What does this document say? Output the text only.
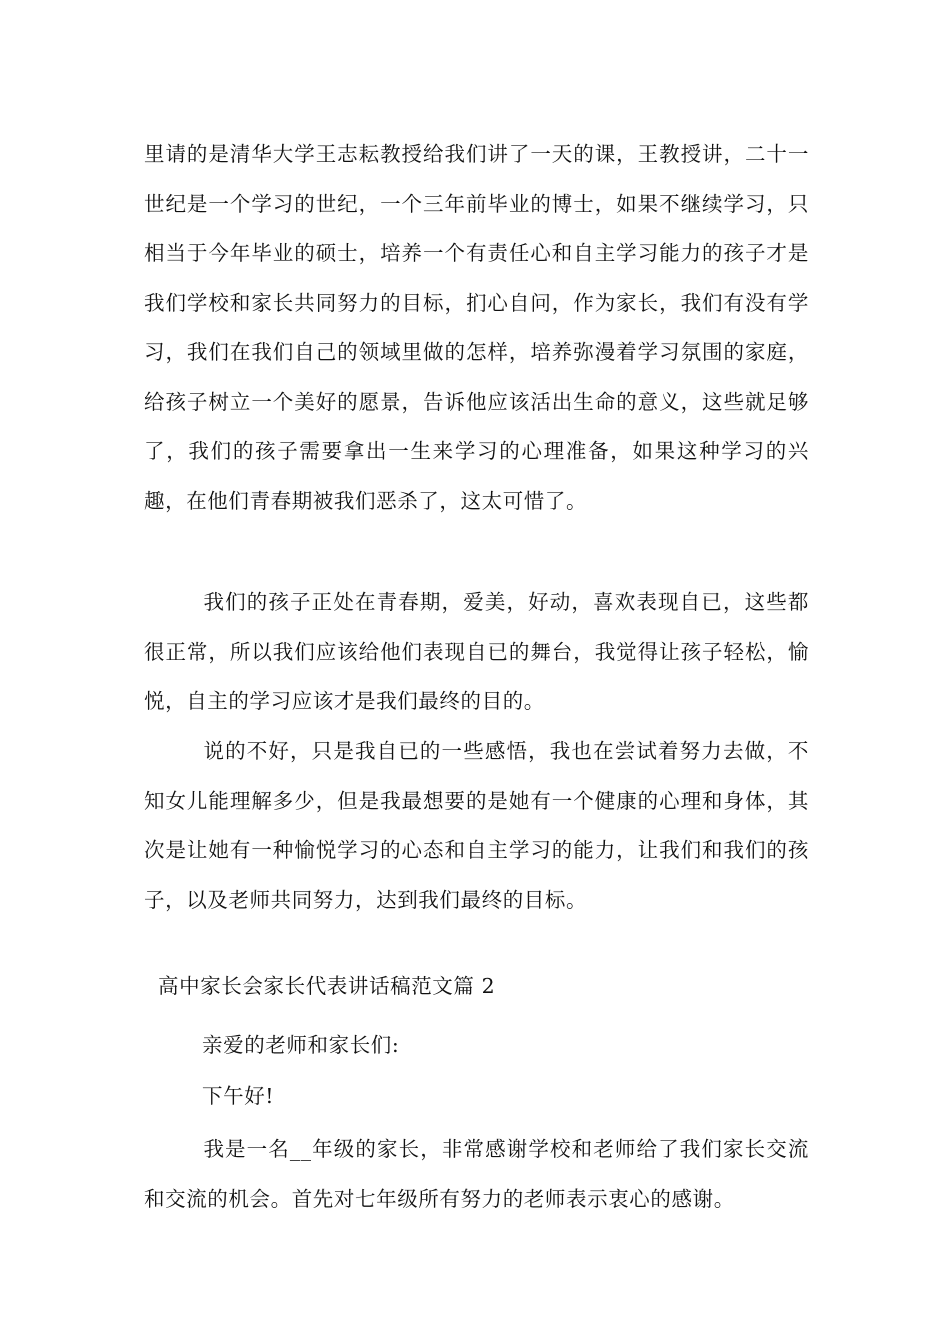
里请的是清华大学王志耘教授给我们讲了一天的课，王教授讲，二十一世纪是一个学习的世纪，一个三年前毕业的博士，如果不继续学习，只相当于今年毕业的硕士，培养一个有责任心和自主学习能力的孩子才是我们学校和家长共同努力的目标，扪心自问，作为家长，我们有没有学习，我们在我们自己的领域里做的怎样，培养弥漫着学习氛围的家庭，给孩子树立一个美好的愿景，告诉他应该活出生命的意义，这些就足够了，我们的孩子需要拿出一生来学习的心理准备，如果这种学习的兴趣，在他们青春期被我们恶杀了，这太可惜了。

我们的孩子正处在青春期，爱美，好动，喜欢表现自已，这些都很正常，所以我们应该给他们表现自已的舞台，我觉得让孩子轻松，愉悦，自主的学习应该才是我们最终的目的。

说的不好，只是我自已的一些感悟，我也在尝试着努力去做，不知女儿能理解多少，但是我最想要的是她有一个健康的心理和身体，其次是让她有一种愉悦学习的心态和自主学习的能力，让我们和我们的孩子，以及老师共同努力，达到我们最终的目标。

高中家长会家长代表讲话稿范文篇 2

亲爱的老师和家长们:

下午好!

我是一名__年级的家长，非常感谢学校和老师给了我们家长交流和交流的机会。首先对七年级所有努力的老师表示衷心的感谢。
